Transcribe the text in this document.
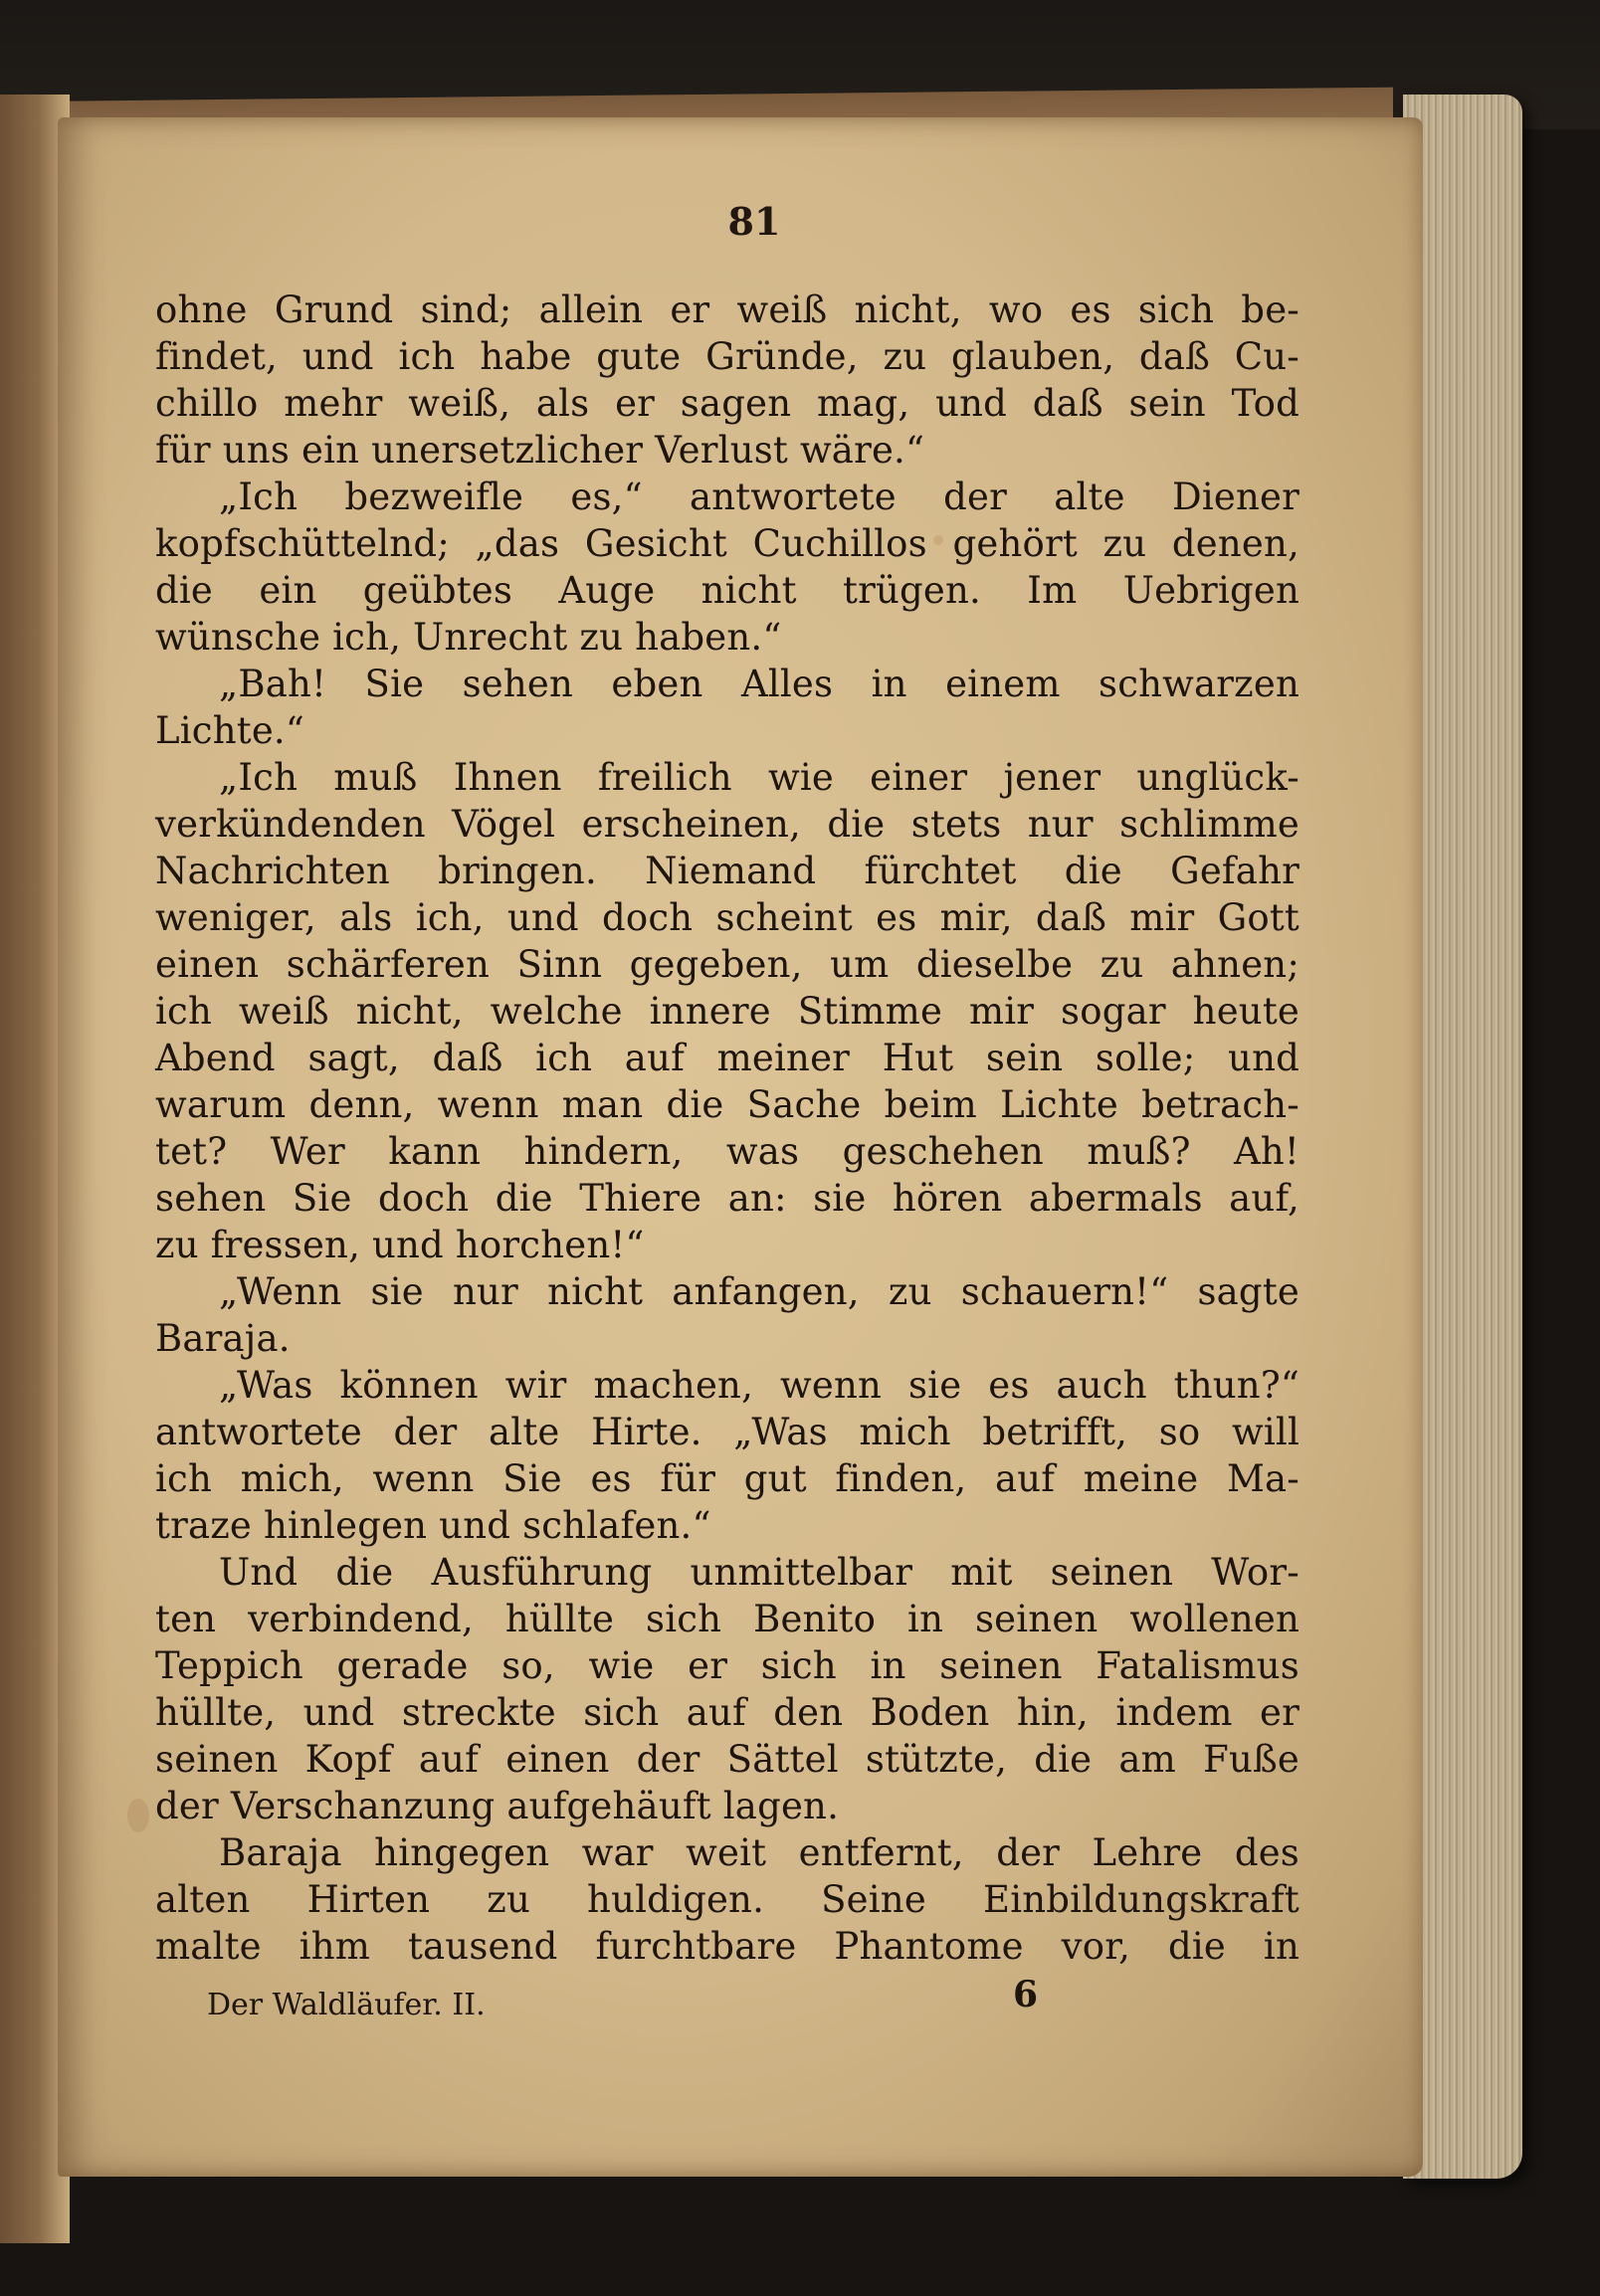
81
ohne Grund sind; allein er weiß nicht, wo es sich be-
findet, und ich habe gute Gründe, zu glauben, daß Cu-
chillo mehr weiß, als er sagen mag, und daß sein Tod
für uns ein unersetzlicher Verlust wäre.“
„Ich bezweifle es,“ antwortete der alte Diener
kopfschüttelnd; „das Gesicht Cuchillos gehört zu denen,
die ein geübtes Auge nicht trügen. Im Uebrigen
wünsche ich, Unrecht zu haben.“
„Bah! Sie sehen eben Alles in einem schwarzen
Lichte.“
„Ich muß Ihnen freilich wie einer jener unglück-
verkündenden Vögel erscheinen, die stets nur schlimme
Nachrichten bringen. Niemand fürchtet die Gefahr
weniger, als ich, und doch scheint es mir, daß mir Gott
einen schärferen Sinn gegeben, um dieselbe zu ahnen;
ich weiß nicht, welche innere Stimme mir sogar heute
Abend sagt, daß ich auf meiner Hut sein solle; und
warum denn, wenn man die Sache beim Lichte betrach-
tet? Wer kann hindern, was geschehen muß? Ah!
sehen Sie doch die Thiere an: sie hören abermals auf,
zu fressen, und horchen!“
„Wenn sie nur nicht anfangen, zu schauern!“ sagte
Baraja.
„Was können wir machen, wenn sie es auch thun?“
antwortete der alte Hirte. „Was mich betrifft, so will
ich mich, wenn Sie es für gut finden, auf meine Ma-
traze hinlegen und schlafen.“
Und die Ausführung unmittelbar mit seinen Wor-
ten verbindend, hüllte sich Benito in seinen wollenen
Teppich gerade so, wie er sich in seinen Fatalismus
hüllte, und streckte sich auf den Boden hin, indem er
seinen Kopf auf einen der Sättel stützte, die am Fuße
der Verschanzung aufgehäuft lagen.
Baraja hingegen war weit entfernt, der Lehre des
alten Hirten zu huldigen. Seine Einbildungskraft
malte ihm tausend furchtbare Phantome vor, die in
Der Waldläufer. II.	6
